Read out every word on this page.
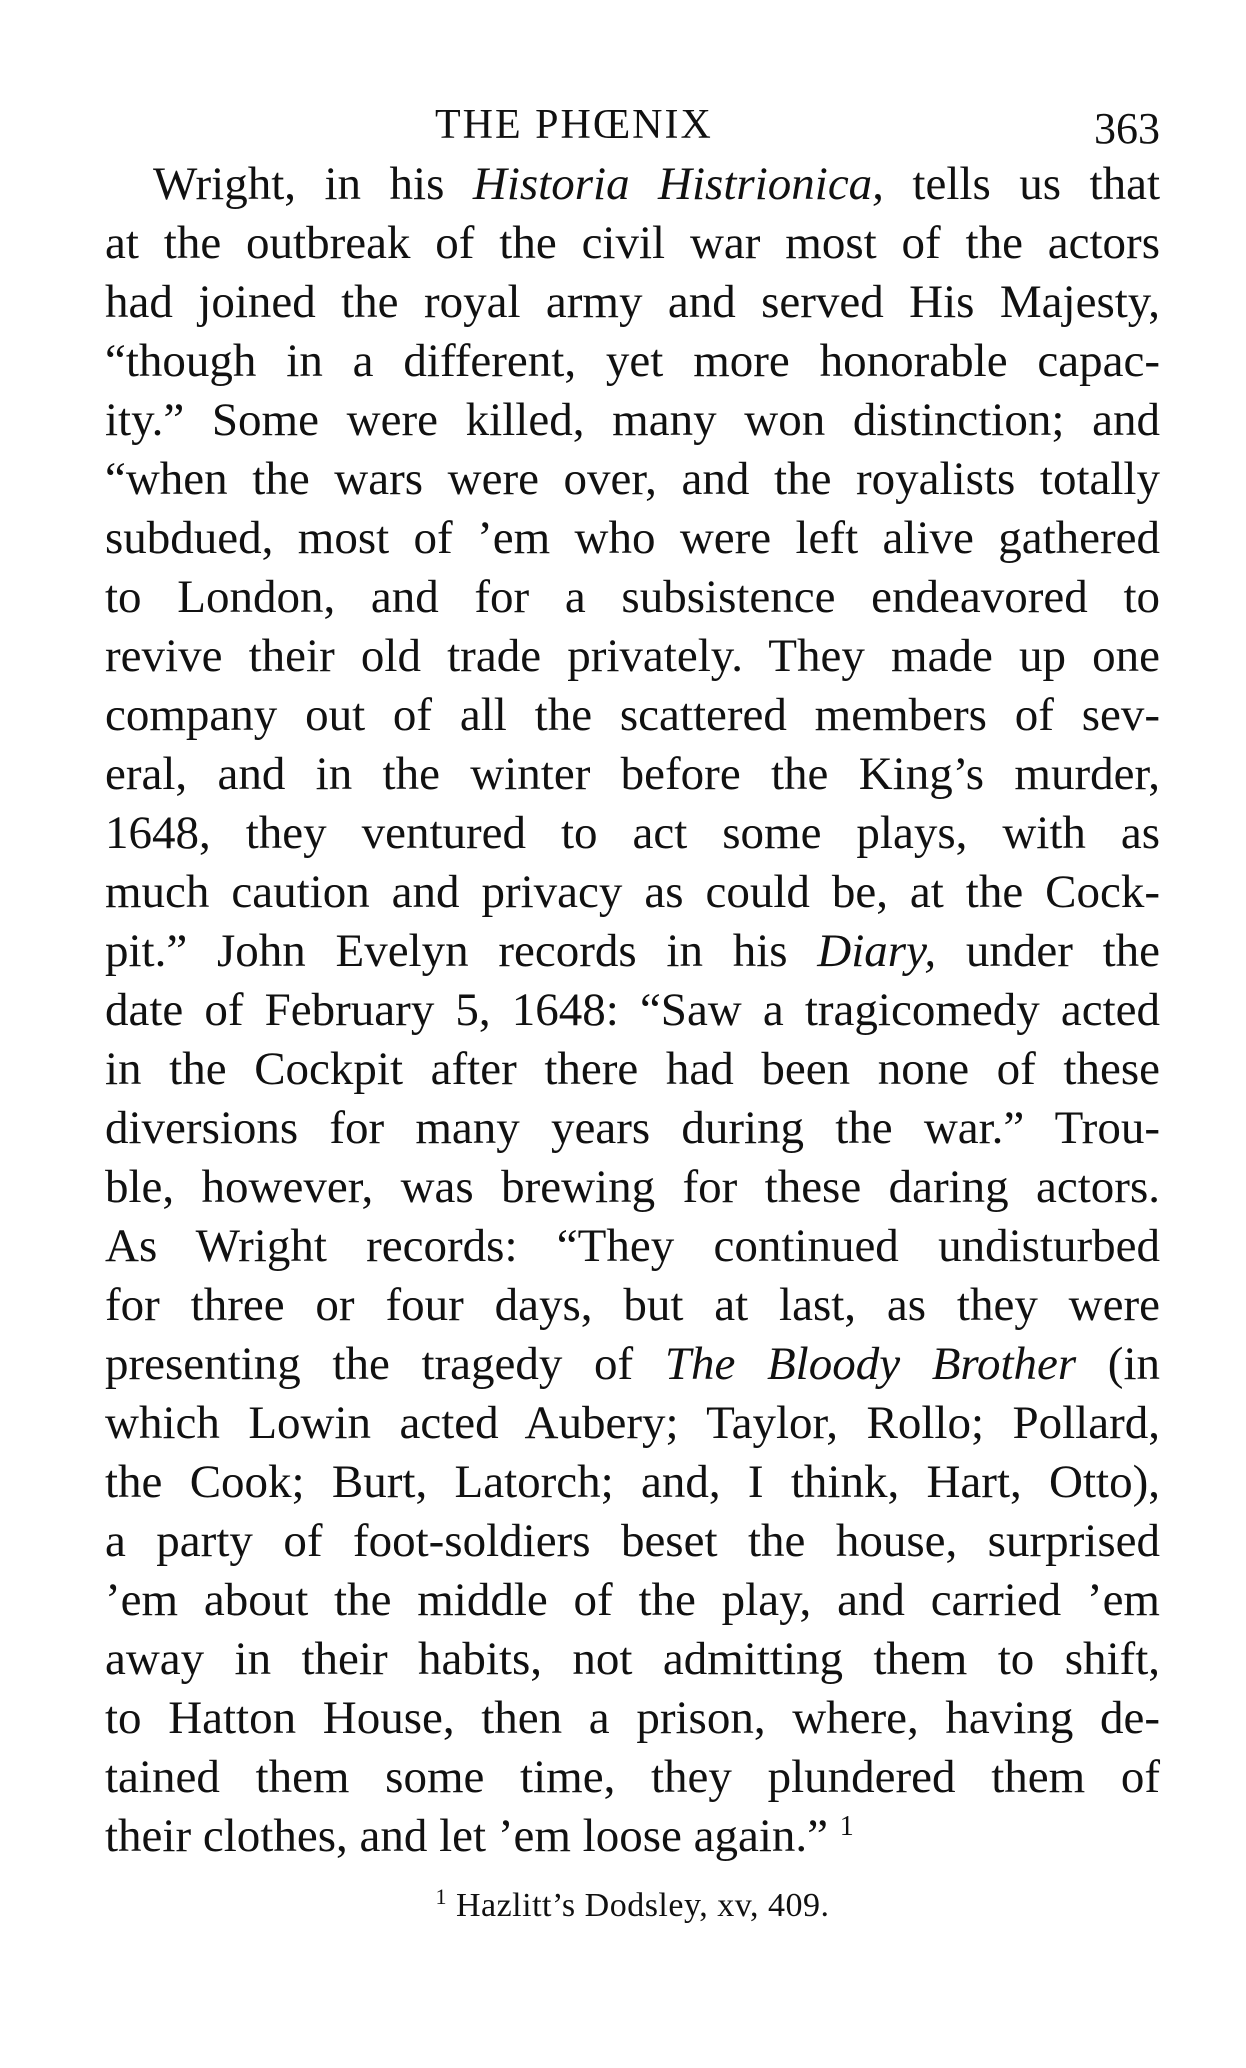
THE PHŒNIX	363
Wright, in his Historia Histrionica, tells us that
at the outbreak of the civil war most of the actors
had joined the royal army and served His Majesty,
“though in a different, yet more honorable capac-
ity.” Some were killed, many won distinction; and
“when the wars were over, and the royalists totally
subdued, most of ’em who were left alive gathered
to London, and for a subsistence endeavored to
revive their old trade privately. They made up one
company out of all the scattered members of sev-
eral, and in the winter before the King’s murder,
1648, they ventured to act some plays, with as
much caution and privacy as could be, at the Cock-
pit.” John Evelyn records in his Diary, under the
date of February 5, 1648: “Saw a tragicomedy acted
in the Cockpit after there had been none of these
diversions for many years during the war.” Trou-
ble, however, was brewing for these daring actors.
As Wright records: “They continued undisturbed
for three or four days, but at last, as they were
presenting the tragedy of The Bloody Brother (in
which Lowin acted Aubery; Taylor, Rollo; Pollard,
the Cook; Burt, Latorch; and, I think, Hart, Otto),
a party of foot-soldiers beset the house, surprised
’em about the middle of the play, and carried ’em
away in their habits, not admitting them to shift,
to Hatton House, then a prison, where, having de-
tained them some time, they plundered them of
their clothes, and let ’em loose again.” $^1$
$^1$ Hazlitt’s Dodsley, xv, 409.
